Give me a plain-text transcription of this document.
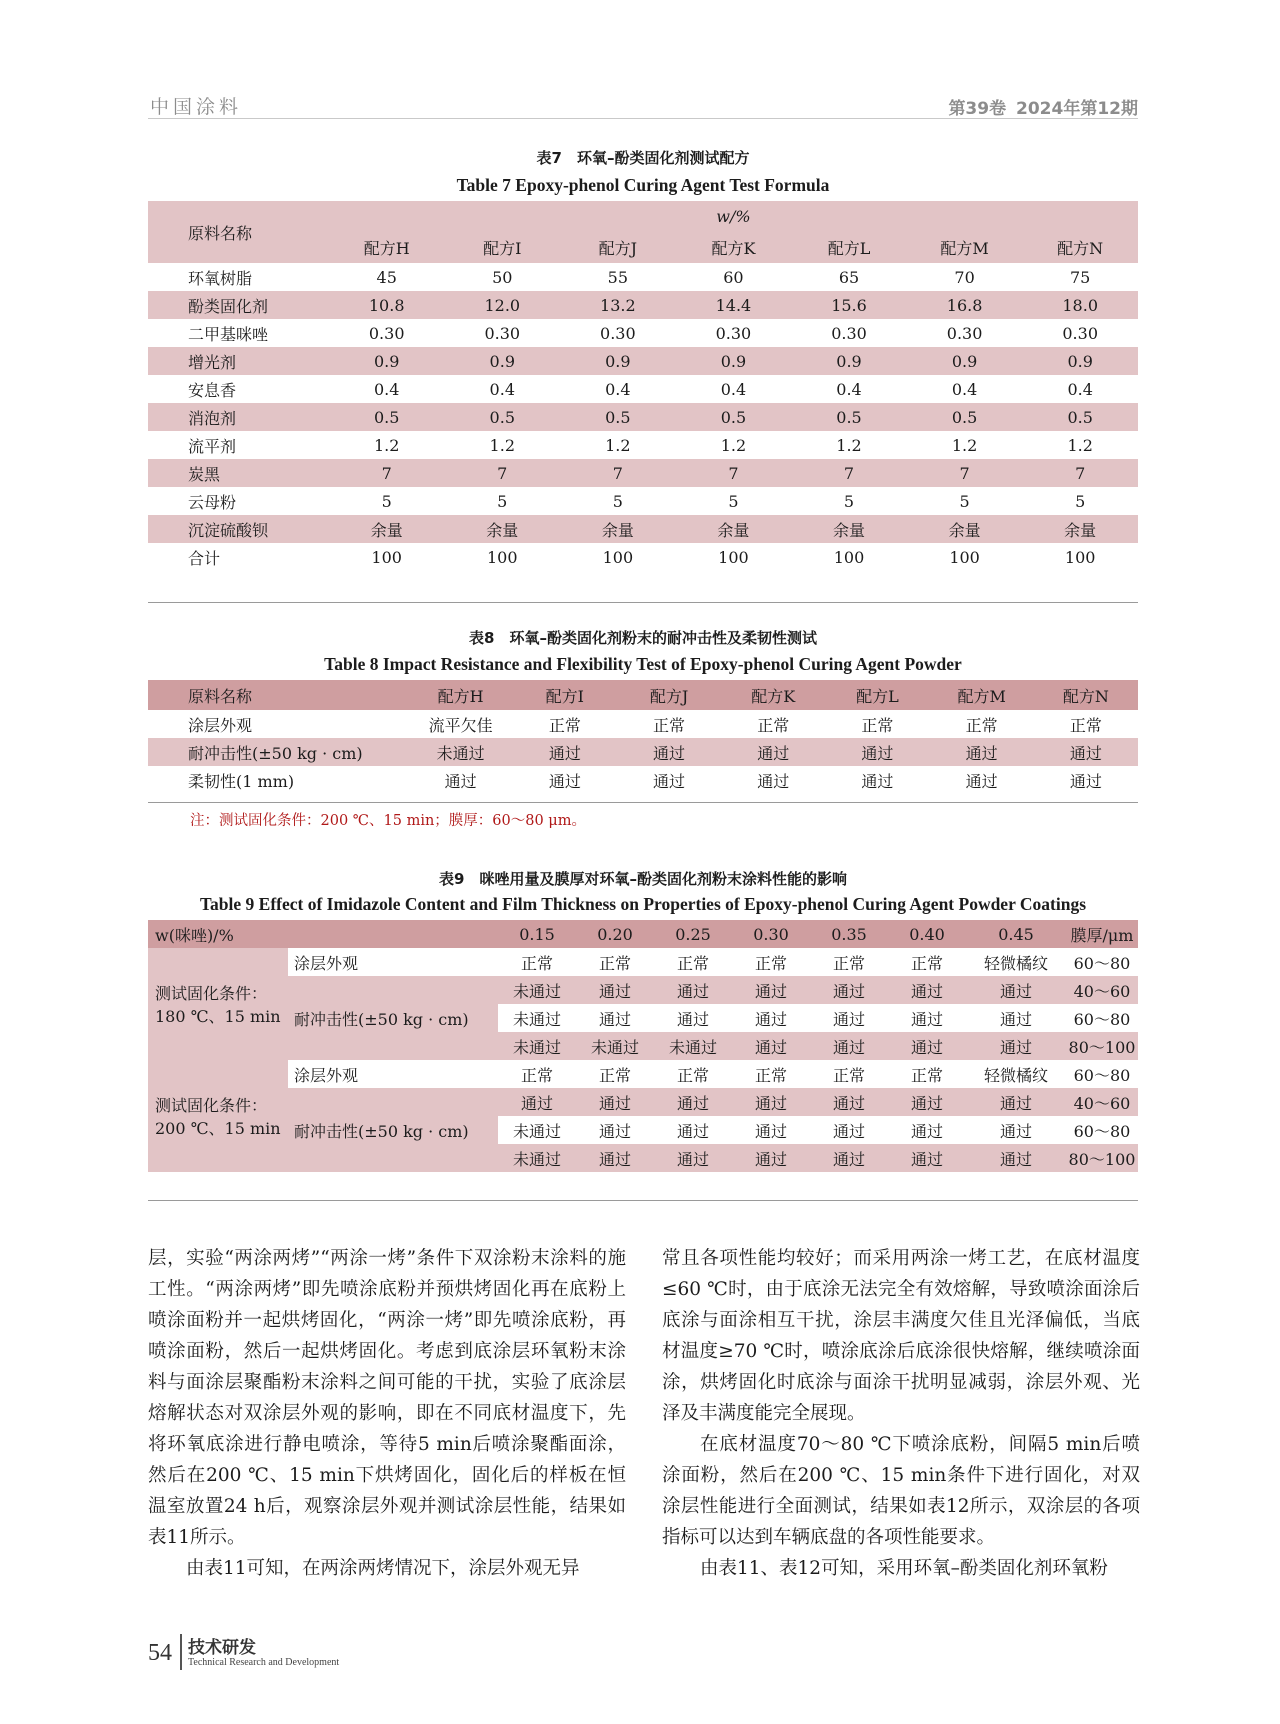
中国涂料	第39卷 2024年第12期
表7　环氧–酚类固化剂测试配方
Table 7 Epoxy-phenol Curing Agent Test Formula
原料名称	w/%						
	配方H	配方I	配方J	配方K	配方L	配方M	配方N
环氧树脂	45	50	55	60	65	70	75
酚类固化剂	10.8	12.0	13.2	14.4	15.6	16.8	18.0
二甲基咪唑	0.30	0.30	0.30	0.30	0.30	0.30	0.30
增光剂	0.9	0.9	0.9	0.9	0.9	0.9	0.9
安息香	0.4	0.4	0.4	0.4	0.4	0.4	0.4
消泡剂	0.5	0.5	0.5	0.5	0.5	0.5	0.5
流平剂	1.2	1.2	1.2	1.2	1.2	1.2	1.2
炭黑	7	7	7	7	7	7	7
云母粉	5	5	5	5	5	5	5
沉淀硫酸钡	余量	余量	余量	余量	余量	余量	余量
合计	100	100	100	100	100	100	100
表8　环氧–酚类固化剂粉末的耐冲击性及柔韧性测试
Table 8 Impact Resistance and Flexibility Test of Epoxy-phenol Curing Agent Powder
原料名称	配方H	配方I	配方J	配方K	配方L	配方M	配方N
涂层外观	流平欠佳	正常	正常	正常	正常	正常	正常
耐冲击性(±50 kg · cm)	未通过	通过	通过	通过	通过	通过	通过
柔韧性(1 mm)	通过	通过	通过	通过	通过	通过	通过
注：测试固化条件：200 ℃、15 min；膜厚：60～80 μm。
表9　咪唑用量及膜厚对环氧–酚类固化剂粉末涂料性能的影响
Table 9 Effect of Imidazole Content and Film Thickness on Properties of Epoxy-phenol Curing Agent Powder Coatings
w(咪唑)/%		0.15	0.20	0.25	0.30	0.35	0.40	0.45	膜厚/μm

测试固化条件：
180 ℃、15 min	涂层外观	正常	正常	正常	正常	正常	正常	轻微橘纹	60～80
	耐冲击性(±50 kg · cm)	未通过	通过	通过	通过	通过	通过	通过	40～60
		未通过	通过	通过	通过	通过	通过	通过	60～80
		未通过	未通过	未通过	通过	通过	通过	通过	80～100

测试固化条件：
200 ℃、15 min	涂层外观	正常	正常	正常	正常	正常	正常	轻微橘纹	60～80
	耐冲击性(±50 kg · cm)	通过	通过	通过	通过	通过	通过	通过	40～60
		未通过	通过	通过	通过	通过	通过	通过	60～80
		未通过	通过	通过	通过	通过	通过	通过	80～100

层，实验“两涂两烤”“两涂一烤”条件下双涂粉末涂料的施工性。“两涂两烤”即先喷涂底粉并预烘烤固化再在底粉上喷涂面粉并一起烘烤固化，“两涂一烤”即先喷涂底粉，再喷涂面粉，然后一起烘烤固化。考虑到底涂层环氧粉末涂料与面涂层聚酯粉末涂料之间可能的干扰，实验了底涂层熔解状态对双涂层外观的影响，即在不同底材温度下，先将环氧底涂进行静电喷涂，等待5 min后喷涂聚酯面涂，然后在200 ℃、15 min下烘烤固化，固化后的样板在恒温室放置24 h后，观察涂层外观并测试涂层性能，结果如表11所示。

由表11可知，在两涂两烤情况下，涂层外观无异

常且各项性能均较好；而采用两涂一烤工艺，在底材温度≤60 ℃时，由于底涂无法完全有效熔解，导致喷涂面涂后底涂与面涂相互干扰，涂层丰满度欠佳且光泽偏低，当底材温度≥70 ℃时，喷涂底涂后底涂很快熔解，继续喷涂面涂，烘烤固化时底涂与面涂干扰明显减弱，涂层外观、光泽及丰满度能完全展现。

在底材温度70～80 ℃下喷涂底粉，间隔5 min后喷涂面粉，然后在200 ℃、15 min条件下进行固化，对双涂层性能进行全面测试，结果如表12所示，双涂层的各项指标可以达到车辆底盘的各项性能要求。

由表11、表12可知，采用环氧–酚类固化剂环氧粉

54 技术研发
Technical Research and Development
